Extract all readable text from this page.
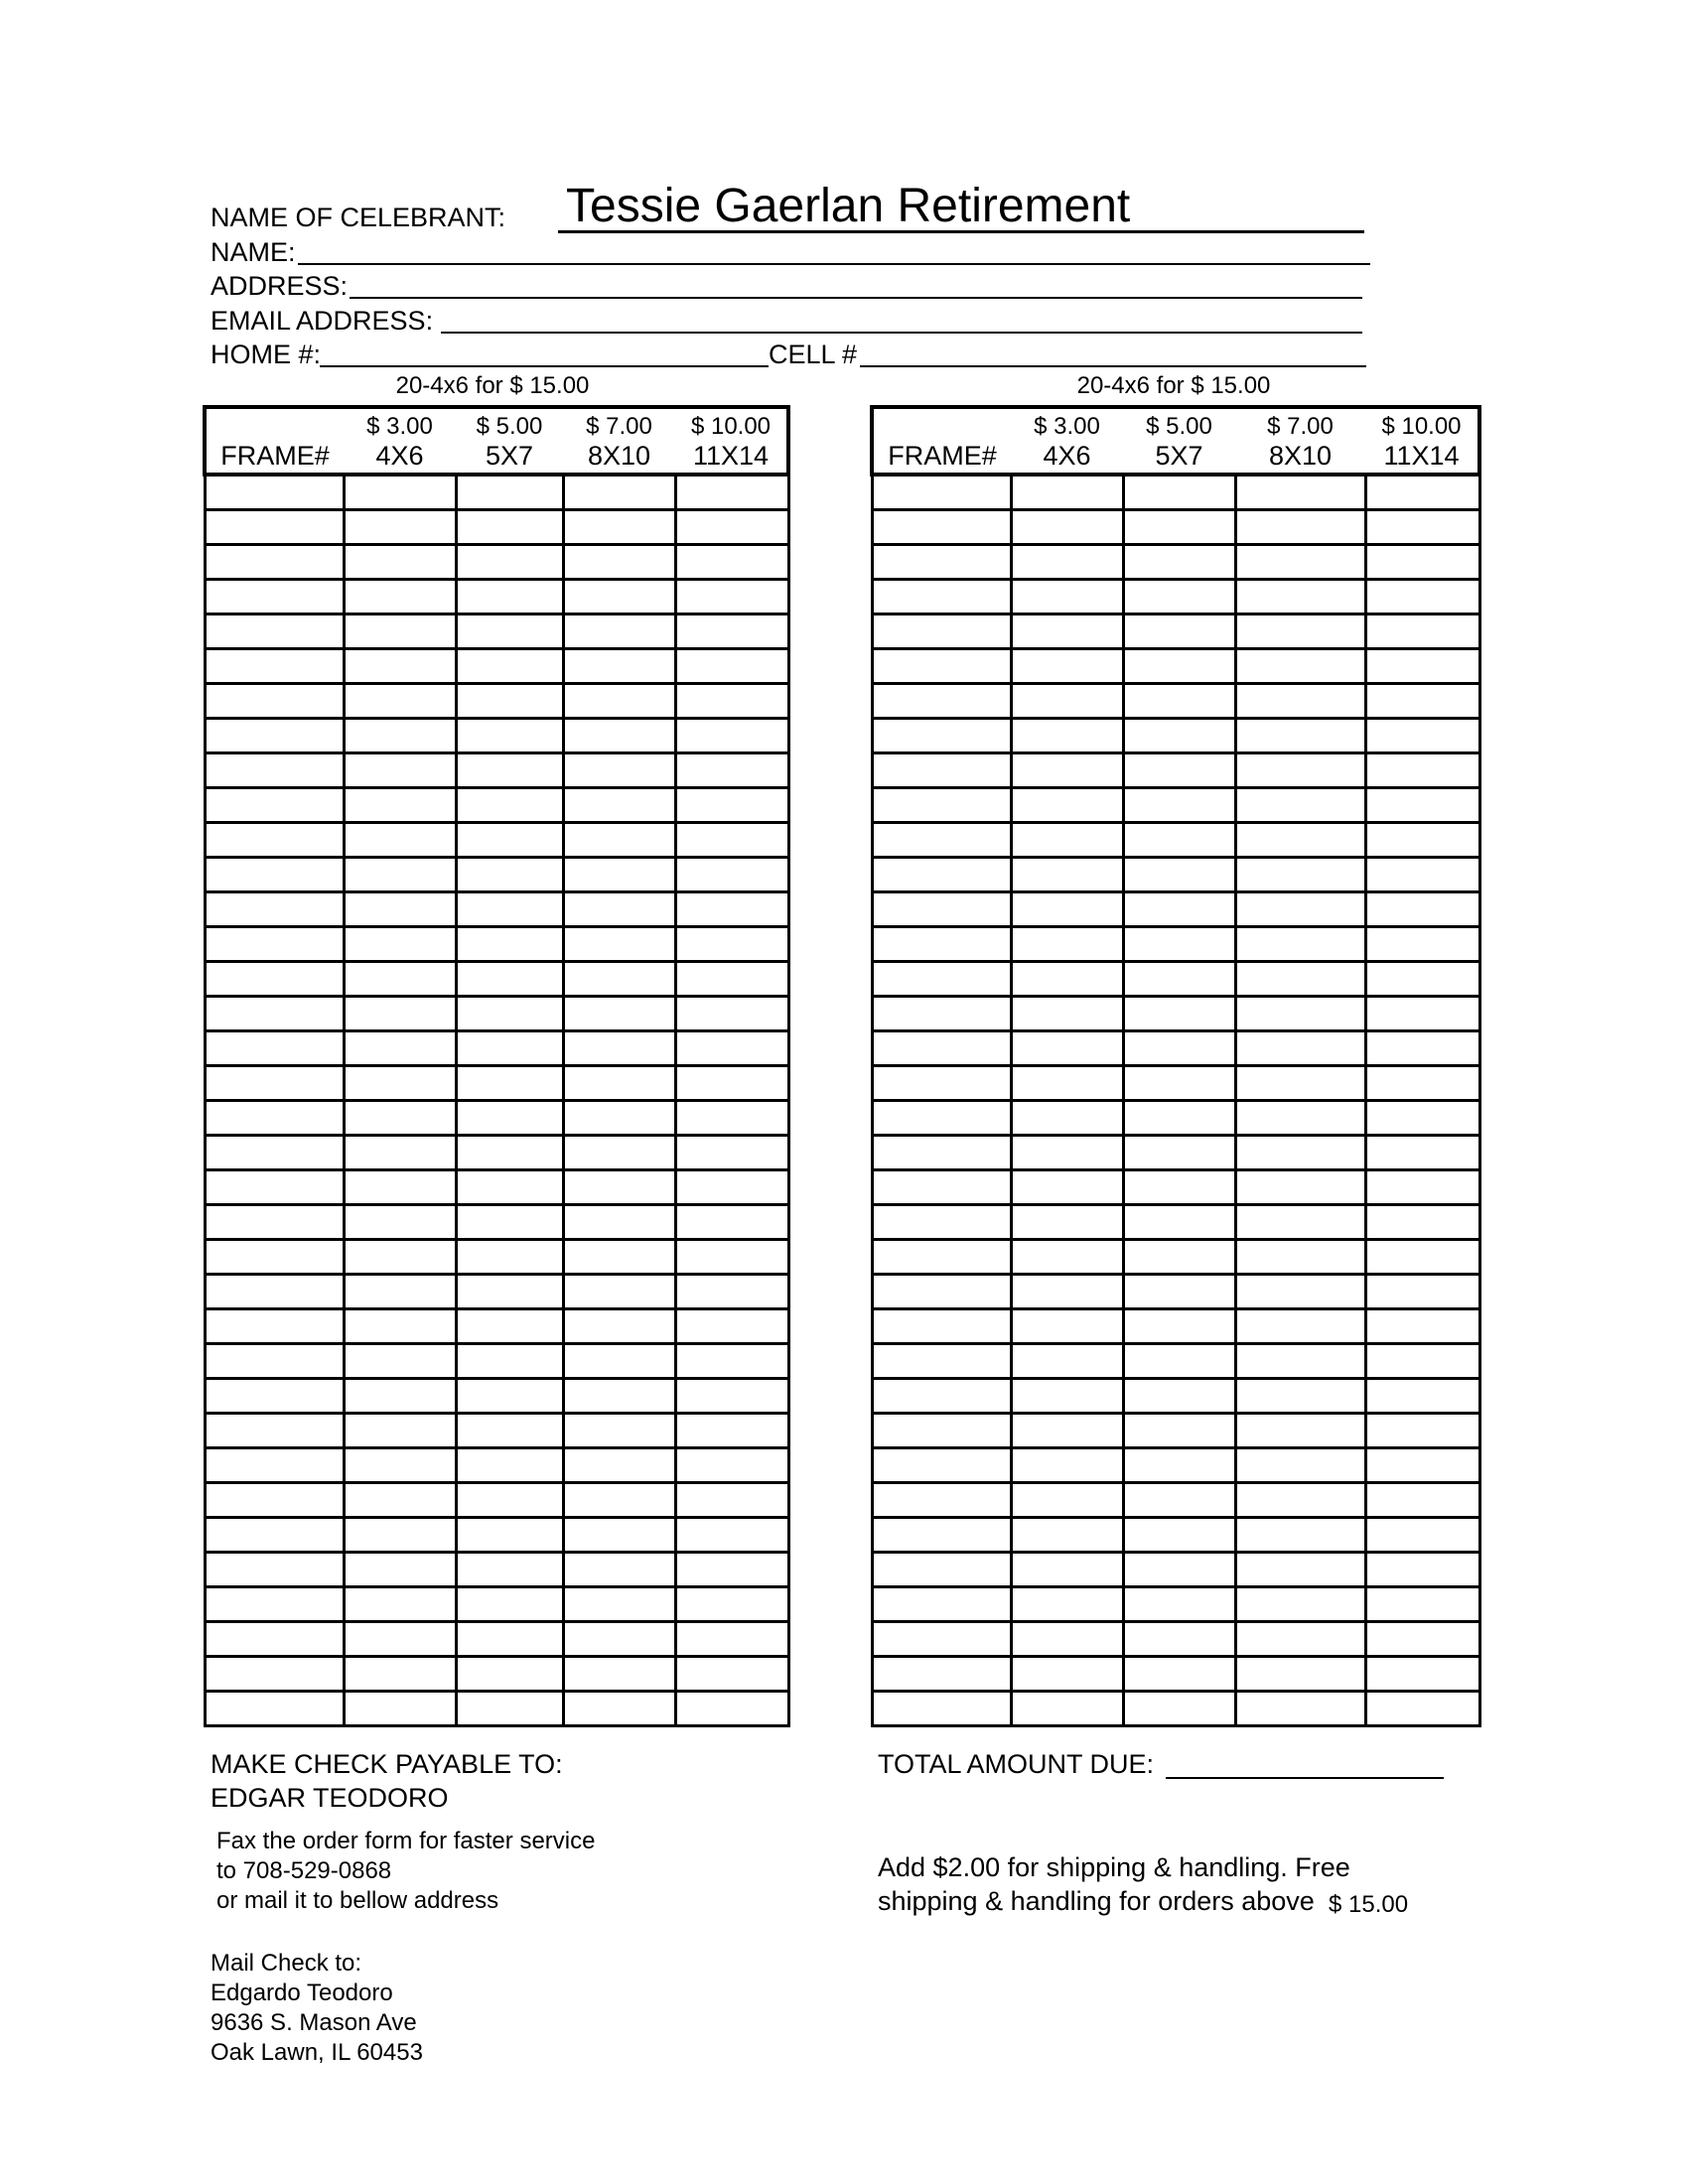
NAME OF CELEBRANT: Tessie Gaerlan Retirement
NAME:
ADDRESS:
EMAIL ADDRESS:
HOME #:	CELL #
20-4x6 for $ 15.00	20-4x6 for $ 15.00
	$ 3.00	$ 5.00	$ 7.00	$ 10.00
FRAME#	4X6	5X7	8X10	11X14

	$ 3.00	$ 5.00	$ 7.00	$ 10.00
FRAME#	4X6	5X7	8X10	11X14

MAKE CHECK PAYABLE TO:
EDGAR TEODORO
Fax the order form for faster service
to 708-529-0868
or mail it to bellow address
Mail Check to:
Edgardo Teodoro
9636 S. Mason Ave
Oak Lawn, IL 60453
TOTAL AMOUNT DUE:
Add $2.00 for shipping & handling. Free
shipping & handling for orders above $ 15.00
